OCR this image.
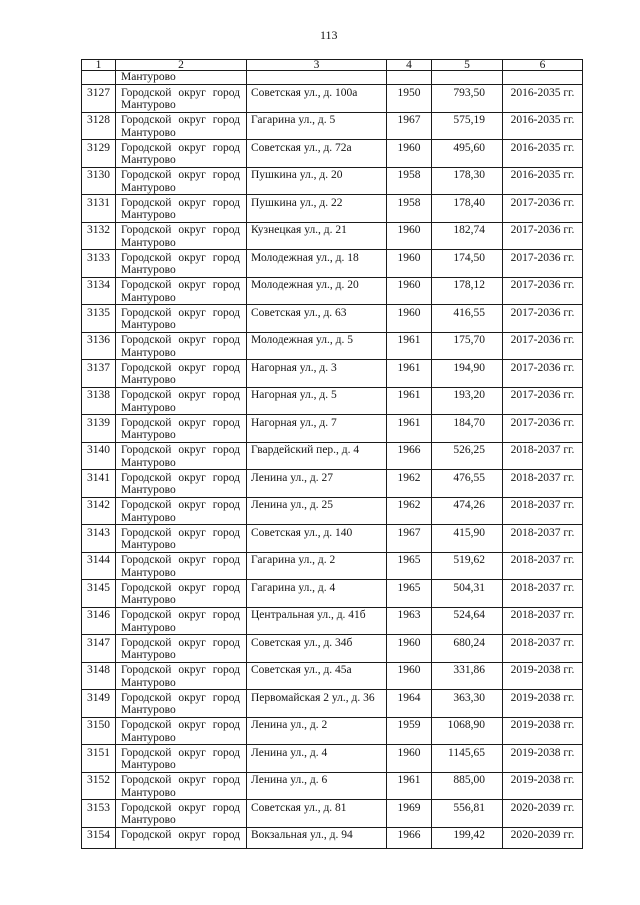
113
1	2	3	4	5	6
	Мантурово				
3127	Городской округ город Мантурово	Советская ул., д. 100а	1950	793,50	2016-2035 гг.
3128	Городской округ город Мантурово	Гагарина ул., д. 5	1967	575,19	2016-2035 гг.
3129	Городской округ город Мантурово	Советская ул., д. 72а	1960	495,60	2016-2035 гг.
3130	Городской округ город Мантурово	Пушкина ул., д. 20	1958	178,30	2016-2035 гг.
3131	Городской округ город Мантурово	Пушкина ул., д. 22	1958	178,40	2017-2036 гг.
3132	Городской округ город Мантурово	Кузнецкая ул., д. 21	1960	182,74	2017-2036 гг.
3133	Городской округ город Мантурово	Молодежная ул., д. 18	1960	174,50	2017-2036 гг.
3134	Городской округ город Мантурово	Молодежная ул., д. 20	1960	178,12	2017-2036 гг.
3135	Городской округ город Мантурово	Советская ул., д. 63	1960	416,55	2017-2036 гг.
3136	Городской округ город Мантурово	Молодежная ул., д. 5	1961	175,70	2017-2036 гг.
3137	Городской округ город Мантурово	Нагорная ул., д. 3	1961	194,90	2017-2036 гг.
3138	Городской округ город Мантурово	Нагорная ул., д. 5	1961	193,20	2017-2036 гг.
3139	Городской округ город Мантурово	Нагорная ул., д. 7	1961	184,70	2017-2036 гг.
3140	Городской округ город Мантурово	Гвардейский пер., д. 4	1966	526,25	2018-2037 гг.
3141	Городской округ город Мантурово	Ленина ул., д. 27	1962	476,55	2018-2037 гг.
3142	Городской округ город Мантурово	Ленина ул., д. 25	1962	474,26	2018-2037 гг.
3143	Городской округ город Мантурово	Советская ул., д. 140	1967	415,90	2018-2037 гг.
3144	Городской округ город Мантурово	Гагарина ул., д. 2	1965	519,62	2018-2037 гг.
3145	Городской округ город Мантурово	Гагарина ул., д. 4	1965	504,31	2018-2037 гг.
3146	Городской округ город Мантурово	Центральная ул., д. 41б	1963	524,64	2018-2037 гг.
3147	Городской округ город Мантурово	Советская ул., д. 34б	1960	680,24	2018-2037 гг.
3148	Городской округ город Мантурово	Советская ул., д. 45а	1960	331,86	2019-2038 гг.
3149	Городской округ город Мантурово	Первомайская 2 ул., д. 36	1964	363,30	2019-2038 гг.
3150	Городской округ город Мантурово	Ленина ул., д. 2	1959	1068,90	2019-2038 гг.
3151	Городской округ город Мантурово	Ленина ул., д. 4	1960	1145,65	2019-2038 гг.
3152	Городской округ город Мантурово	Ленина ул., д. 6	1961	885,00	2019-2038 гг.
3153	Городской округ город Мантурово	Советская ул., д. 81	1969	556,81	2020-2039 гг.
3154	Городской округ город	Вокзальная ул., д. 94	1966	199,42	2020-2039 гг.
